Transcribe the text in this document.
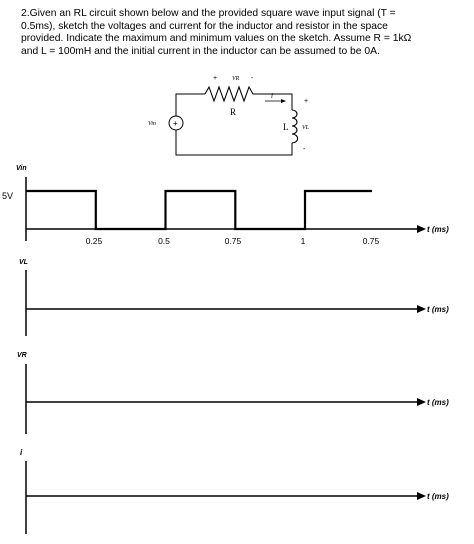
2.Given an RL circuit shown below and the provided square wave input signal (T =
0.5ms), sketch the voltages and current for the inductor and resistor in the space
provided. Indicate the maximum and minimum values on the sketch. Assume R = 1kΩ
and L = 100mH and the initial current in the inductor can be assumed to be 0A.
+
Vin
+ VR -
R
i
+
L VL
-
Vin
5V
t (ms)
0.25	0.5	0.75	1	0.75
VL
t (ms)
VR
t (ms)
i
t (ms)
